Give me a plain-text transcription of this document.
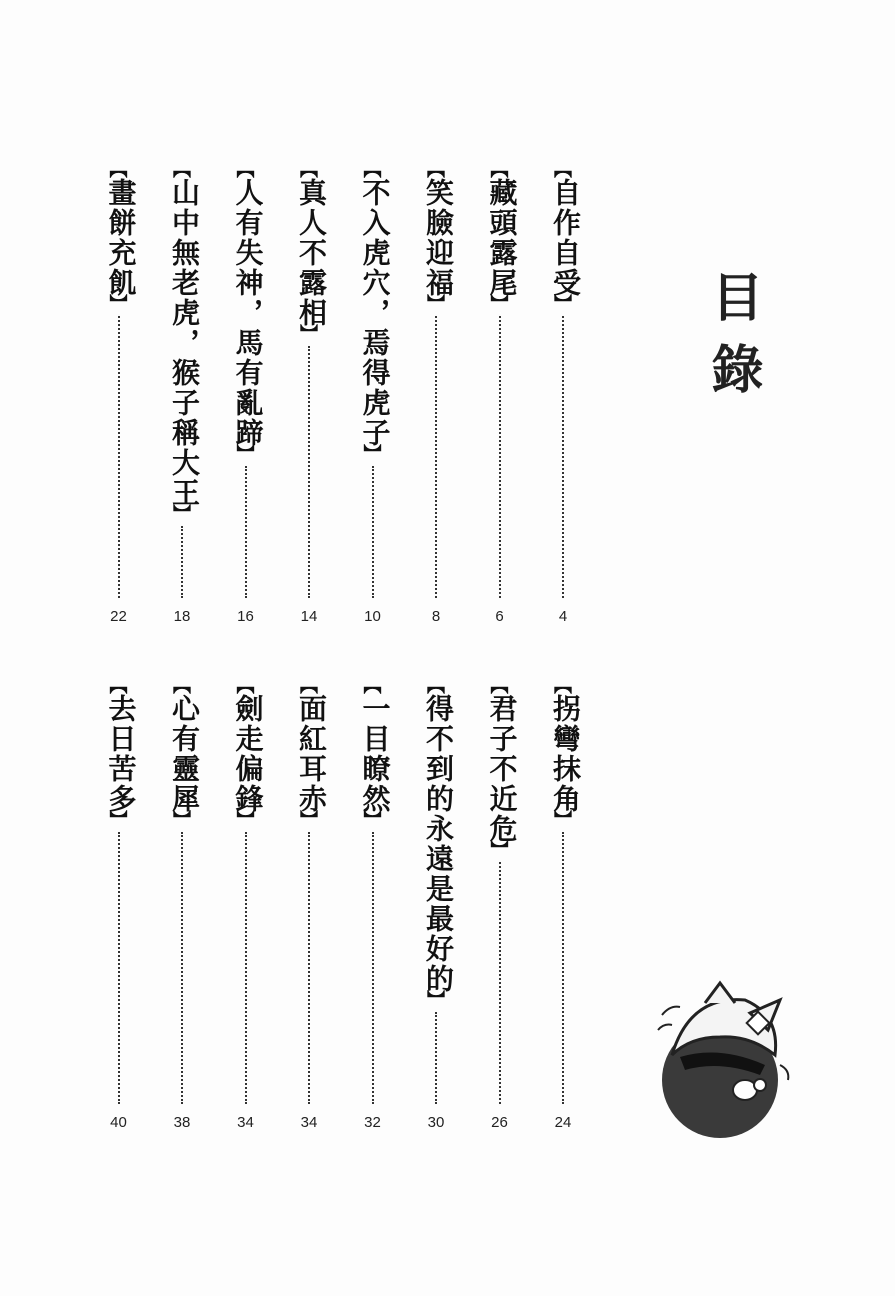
目錄
︻
自作自受
︼
4
︻
藏頭露尾
︼
6
︻
笑臉迎福
︼
8
︻
不入虎穴，焉得虎子
︼
10
︻
真人不露相
︼
14
︻
人有失神，馬有亂蹄
︼
16
︻
山中無老虎，猴子稱大王
︼
18
︻
畫餅充飢
︼
22
︻
拐彎抹角
︼
24
︻
君子不近危
︼
26
︻
得不到的永遠是最好的
︼
30
︻
一目瞭然
︼
32
︻
面紅耳赤
︼
34
︻
劍走偏鋒
︼
34
︻
心有靈犀
︼
38
︻
去日苦多
︼
40
